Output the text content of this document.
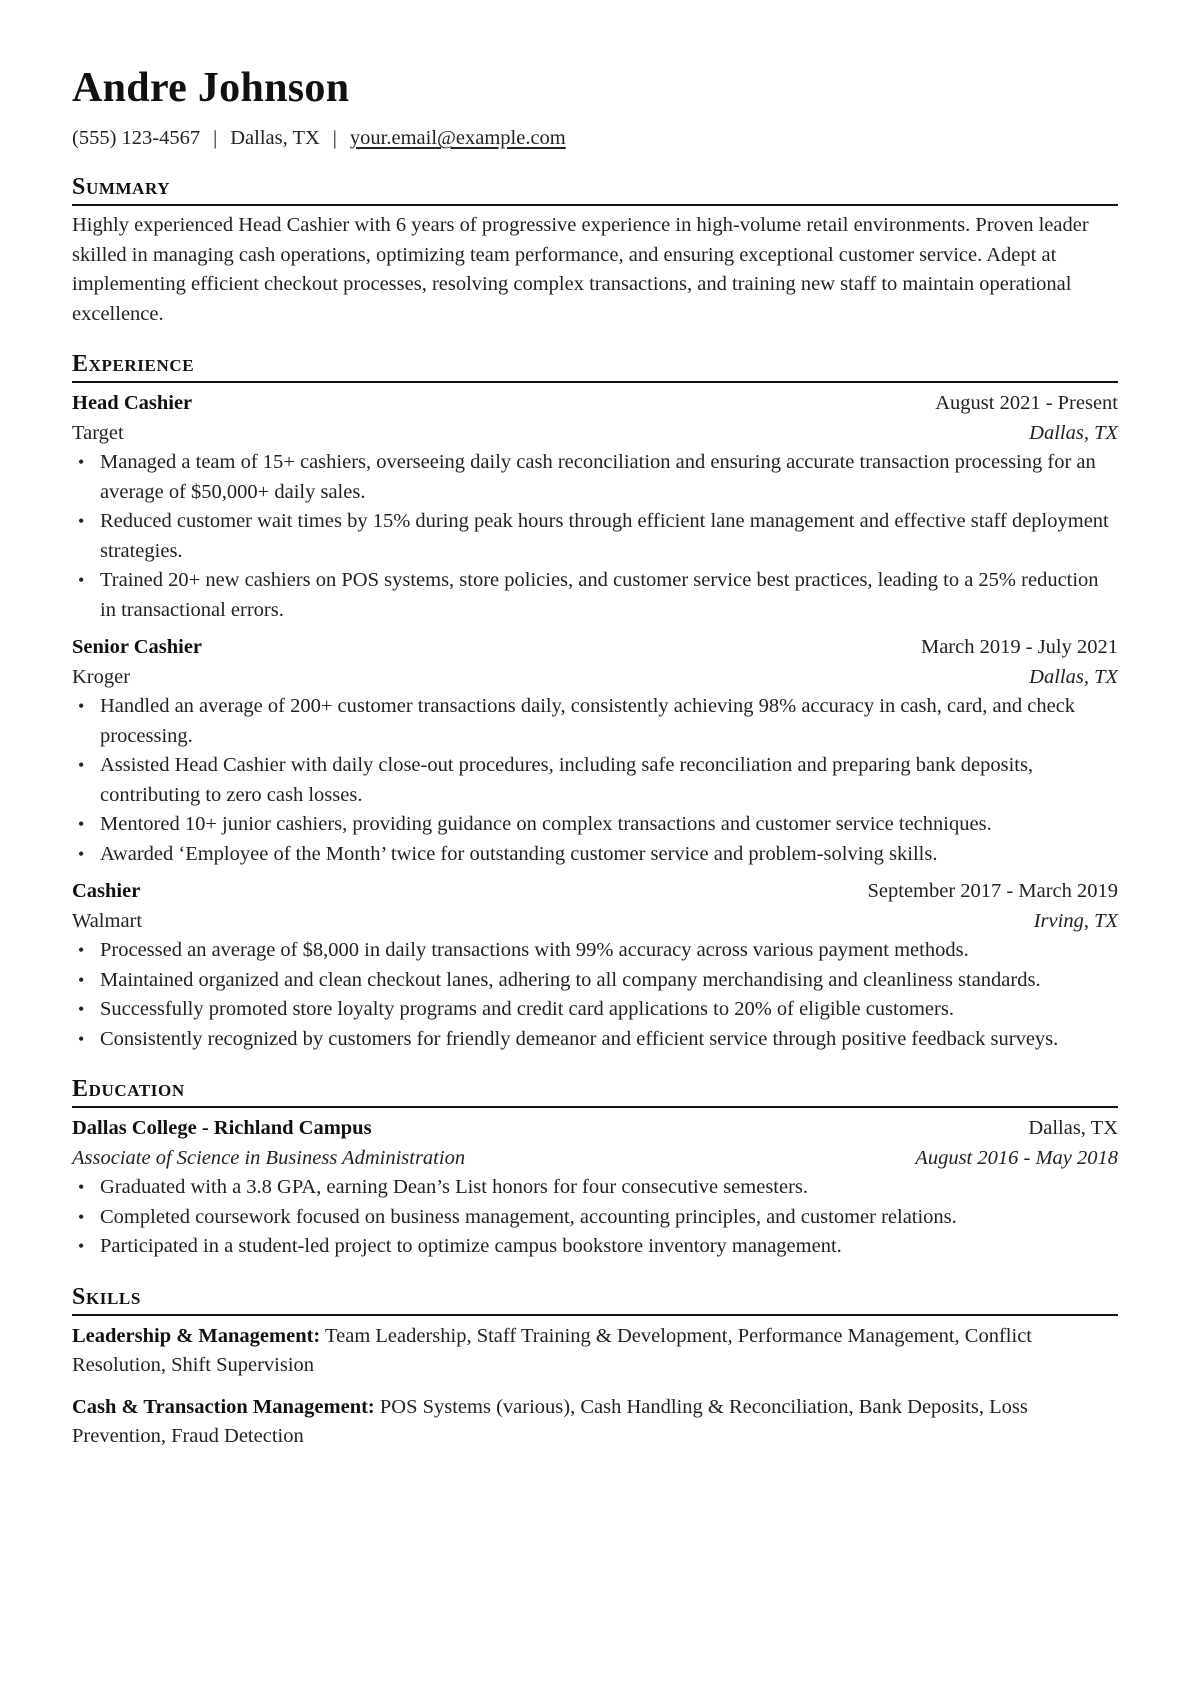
Andre Johnson
(555) 123-4567 | Dallas, TX | your.email@example.com
Summary

Highly experienced Head Cashier with 6 years of progressive experience in high-volume retail environments. Proven leader skilled in managing cash operations, optimizing team performance, and ensuring exceptional customer service. Adept at implementing efficient checkout processes, resolving complex transactions, and training new staff to maintain operational excellence.

Experience
Head Cashier	August 2021 - Present
Target	Dallas, TX
• Managed a team of 15+ cashiers, overseeing daily cash reconciliation and ensuring accurate transaction processing for an average of $50,000+ daily sales.
• Reduced customer wait times by 15% during peak hours through efficient lane management and effective staff deployment strategies.
• Trained 20+ new cashiers on POS systems, store policies, and customer service best practices, leading to a 25% reduction in transactional errors.
Senior Cashier	March 2019 - July 2021
Kroger	Dallas, TX
• Handled an average of 200+ customer transactions daily, consistently achieving 98% accuracy in cash, card, and check processing.
• Assisted Head Cashier with daily close-out procedures, including safe reconciliation and preparing bank deposits, contributing to zero cash losses.
• Mentored 10+ junior cashiers, providing guidance on complex transactions and customer service techniques.
• Awarded ‘Employee of the Month’ twice for outstanding customer service and problem-solving skills.
Cashier	September 2017 - March 2019
Walmart	Irving, TX
• Processed an average of $8,000 in daily transactions with 99% accuracy across various payment methods.
• Maintained organized and clean checkout lanes, adhering to all company merchandising and cleanliness standards.
• Successfully promoted store loyalty programs and credit card applications to 20% of eligible customers.
• Consistently recognized by customers for friendly demeanor and efficient service through positive feedback surveys.
Education
Dallas College - Richland Campus	Dallas, TX
Associate of Science in Business Administration	August 2016 - May 2018
• Graduated with a 3.8 GPA, earning Dean’s List honors for four consecutive semesters.
• Completed coursework focused on business management, accounting principles, and customer relations.
• Participated in a student-led project to optimize campus bookstore inventory management.
Skills
Leadership & Management: Team Leadership, Staff Training & Development, Performance Management, Conflict Resolution, Shift Supervision
Cash & Transaction Management: POS Systems (various), Cash Handling & Reconciliation, Bank Deposits, Loss Prevention, Fraud Detection
